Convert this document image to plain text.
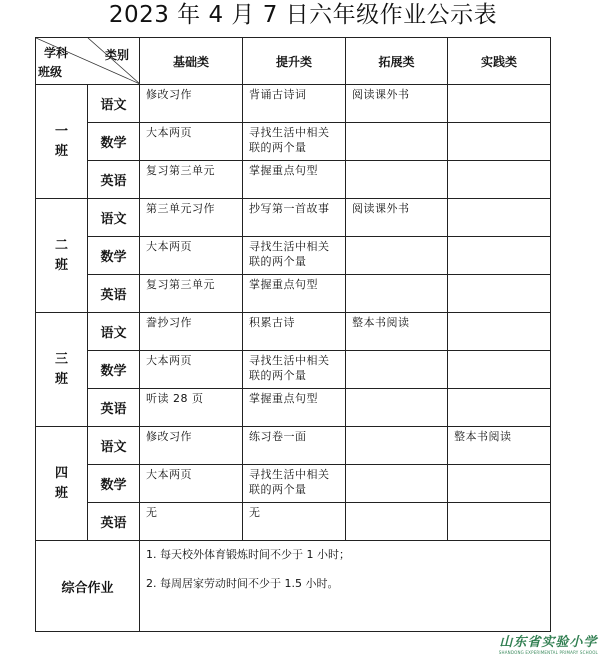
2023 年 4 月 7 日六年级作业公示表
学科 类别
班级		基础类	提升类	拓展类	实践类
一
班	语文	修改习作	背诵古诗词	阅读课外书	
	数学	大本两页	寻找生活中相关联的两个量		
	英语	复习第三单元	掌握重点句型		
二
班	语文	第三单元习作	抄写第一首故事	阅读课外书	
	数学	大本两页	寻找生活中相关联的两个量		
	英语	复习第三单元	掌握重点句型		
三
班	语文	誊抄习作	积累古诗	整本书阅读	
	数学	大本两页	寻找生活中相关联的两个量		
	英语	听读 28 页	掌握重点句型		
四
班	语文	修改习作	练习卷一面		整本书阅读
	数学	大本两页	寻找生活中相关联的两个量		
	英语	无	无		
综合作业		1. 每天校外体育锻炼时间不少于 1 小时；

2. 每周居家劳动时间不少于 1.5 小时。			

山东省实验小学
SHANDONG EXPERIMENTAL PRIMARY SCHOOL
